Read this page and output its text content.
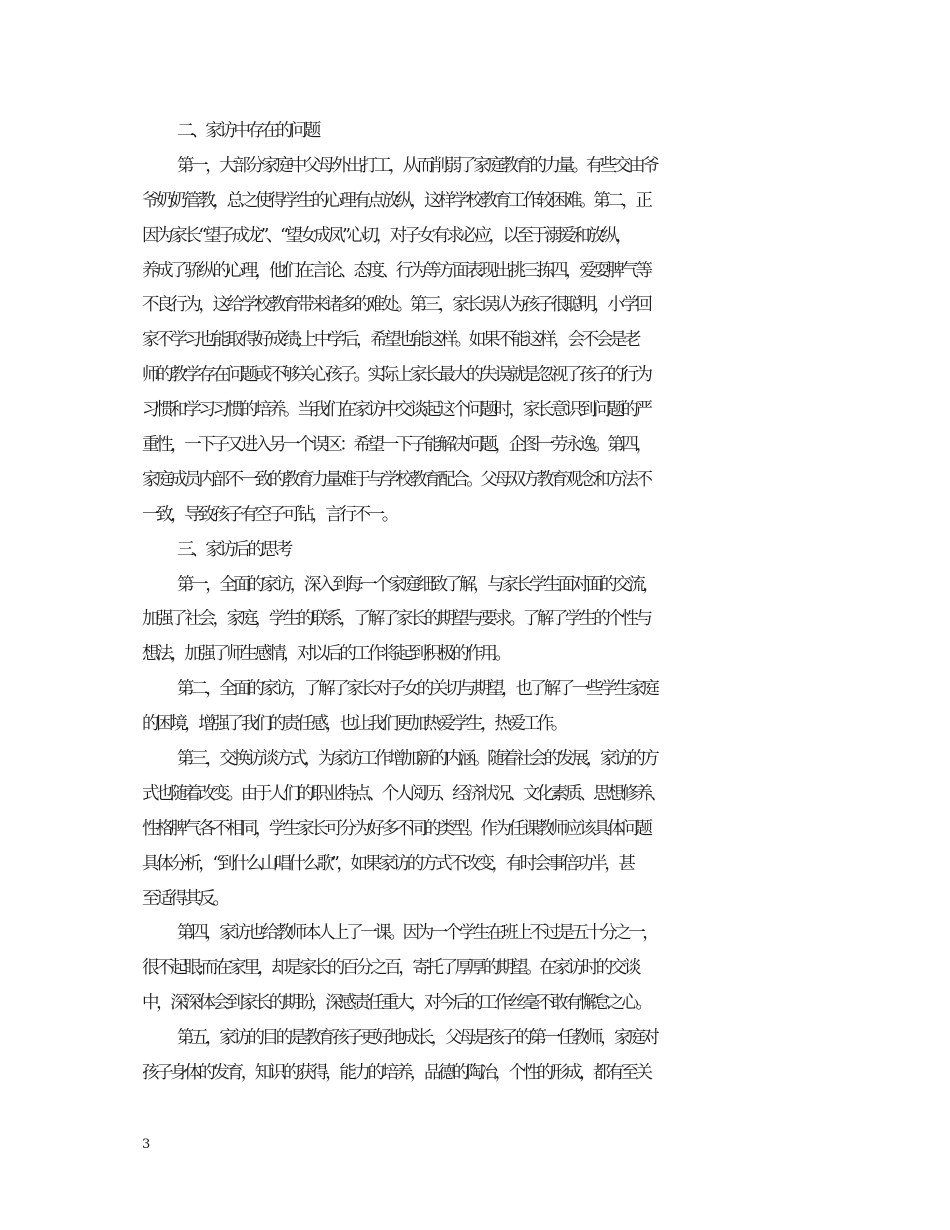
二、家访中存在的问题
第一，大部分家庭中父母外出打工，从而削弱了家庭教育的力量。有些交由爷
爷奶奶管教，总之使得学生的心理有点放纵，这样学校教育工作较困难。第二，正
因为家长“望子成龙”、“望女成凤”心切，对子女有求必应，以至于溺爱和放纵，
养成了骄纵的心理，他们在言论、态度、行为等方面表现出挑三拣四，爱耍脾气等
不良行为，这给学校教育带来诸多的难处。第三，家长误认为孩子很聪明，小学回
家不学习也能取得好成绩;上中学后，希望也能这样。如果不能这样，会不会是老
师的教学存在问题或不够关心孩子。实际上家长最大的失误就是忽视了孩子的行为
习惯和学习习惯的培养。当我们在家访中交谈起这个问题时，家长意识到问题的严
重性，一下子又进入另一个误区：希望一下子能解决问题，企图一劳永逸。第四，
家庭成员内部不一致的教育力量难于与学校教育配合。父母双方教育观念和方法不
一致，导致孩子有空子可钻，言行不一。
三、家访后的思考
第一，全面的家访，深入到每一个家庭细致了解，与家长学生面对面的交流，
加强了社会，家庭，学生的联系，了解了家长的期望与要求。了解了学生的个性与
想法，加强了师生感情，对以后的工作将起到积极的作用。
第二，全面的家访，了解了家长对子女的关切与期望，也了解了一些学生家庭
的困境，增强了我们的责任感，也让我们更加热爱学生，热爱工作。
第三，交换访谈方式，为家访工作增加新的内涵。随着社会的发展，家访的方
式也随着改变。由于人们的职业特点、个人阅历、经济状况、文化素质、思想修养、
性格脾气各不相同，学生家长可分为好多不同的类型。作为任课教师应该具体问题
具体分析，“到什么山唱什么歌”，如果家访的方式不改变，有时会事倍功半，甚
至适得其反。
第四，家访也给教师本人上了一课。因为一个学生在班上不过是五十分之一，
很不起眼;而在家里，却是家长的百分之百，寄托了厚厚的期望。在家访时的交谈
中，深深体会到家长的期盼，深感责任重大，对今后的工作丝毫不敢有懈怠之心。
第五，家访的目的是教育孩子更好地成长，父母是孩子的第一任教师，家庭对
孩子身体的发育，知识的获得，能力的培养，品德的陶冶，个性的形成，都有至关
3
